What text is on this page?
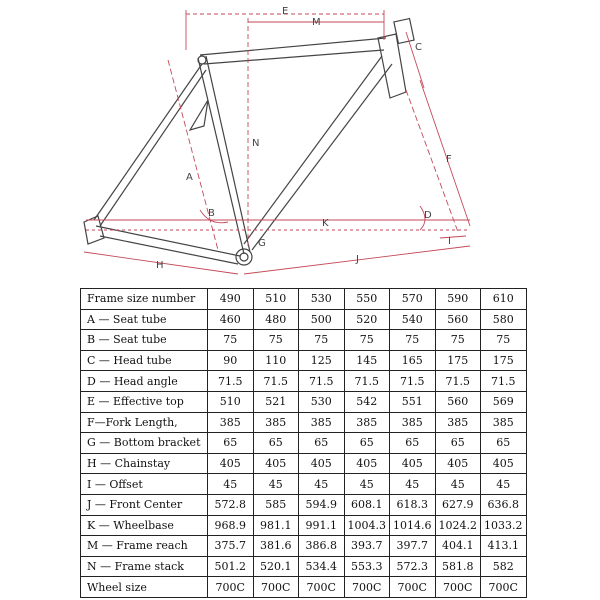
E
M
C
N
F
A
B	D
K
G
H
J
I
Frame size number	490	510	530	550	570	590	610
A — Seat tube	460	480	500	520	540	560	580
B — Seat tube	75	75	75	75	75	75	75
C — Head tube	90	110	125	145	165	175	175
D — Head angle	71.5	71.5	71.5	71.5	71.5	71.5	71.5
E — Effective top	510	521	530	542	551	560	569
F—Fork Length,	385	385	385	385	385	385	385
G — Bottom bracket	65	65	65	65	65	65	65
H — Chainstay	405	405	405	405	405	405	405
I — Offset	45	45	45	45	45	45	45
J — Front Center	572.8	585	594.9	608.1	618.3	627.9	636.8
K — Wheelbase	968.9	981.1	991.1	1004.3	1014.6	1024.2	1033.2
M — Frame reach	375.7	381.6	386.8	393.7	397.7	404.1	413.1
N — Frame stack	501.2	520.1	534.4	553.3	572.3	581.8	582
Wheel size	700C	700C	700C	700C	700C	700C	700C
